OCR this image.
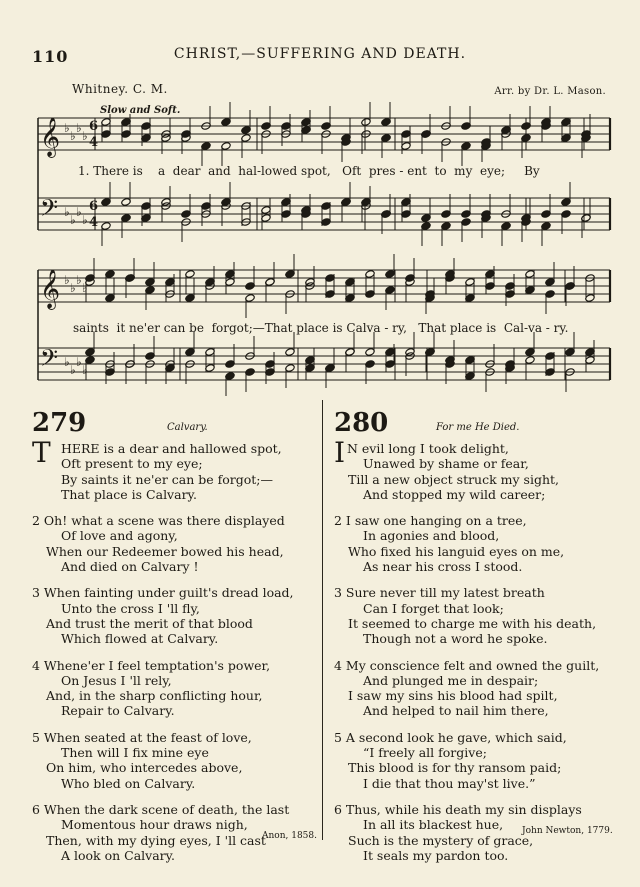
110	CHRIST,—SUFFERING AND DEATH.
Whitney. C. M.	Arr. by Dr. L. Mason.
Slow and Soft.
𝄞 ♭
♭
♭
♭
6
4
𝄢 ♭
♭
♭
♭
6
4
𝄞 ♭
♭
♭
♭
𝄢 ♭
♭
♭
♭
1. There is    a  dear  and  hal-lowed spot,   Oft  pres - ent  to  my  eye;     By
saints  it ne'er can be  forgot;—That place is Calva - ry,   That place is  Cal-va - ry.
279	Calvary.
T HERE is a dear and hallowed spot,
Oft present to my eye;
By saints it ne'er can be forgot;—
That place is Calvary.
2 Oh! what a scene was there displayed
Of love and agony,
When our Redeemer bowed his head,
And died on Calvary !
3 When fainting under guilt's dread load,
Unto the cross I 'll fly,
And trust the merit of that blood
Which flowed at Calvary.
4 Whene'er I feel temptation's power,
On Jesus I 'll rely,
And, in the sharp conflicting hour,
Repair to Calvary.
5 When seated at the feast of love,
Then will I fix mine eye
On him, who intercedes above,
Who bled on Calvary.
6 When the dark scene of death, the last
Momentous hour draws nigh,
Then, with my dying eyes, I 'll cast
A look on Calvary.
Anon, 1858.
280	For me He Died.
I N evil long I took delight,
Unawed by shame or fear,
Till a new object struck my sight,
And stopped my wild career;
2 I saw one hanging on a tree,
In agonies and blood,
Who fixed his languid eyes on me,
As near his cross I stood.
3 Sure never till my latest breath
Can I forget that look;
It seemed to charge me with his death,
Though not a word he spoke.
4 My conscience felt and owned the guilt,
And plunged me in despair;
I saw my sins his blood had spilt,
And helped to nail him there,
5 A second look he gave, which said,
“I freely all forgive;
This blood is for thy ransom paid;
I die that thou may'st live.”
6 Thus, while his death my sin displays
In all its blackest hue,
Such is the mystery of grace,
It seals my pardon too.
John Newton, 1779.
